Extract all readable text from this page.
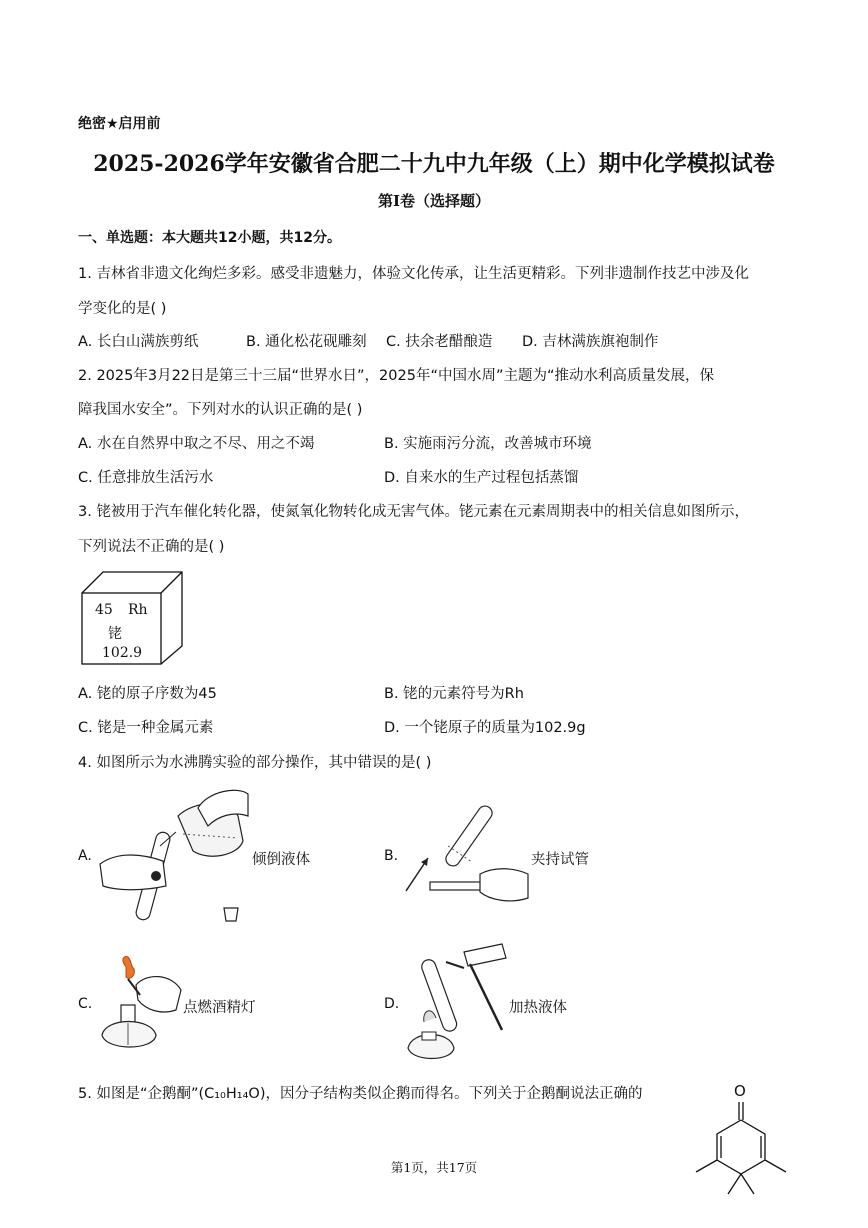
绝密★启用前
2025-2026学年安徽省合肥二十九中九年级（上）期中化学模拟试卷
第Ⅰ卷（选择题）
一、单选题：本大题共12小题，共12分。
1. 吉林省非遗文化绚烂多彩。感受非遗魅力，体验文化传承，让生活更精彩。下列非遗制作技艺中涉及化
学变化的是( )
A. 长白山满族剪纸	B. 通化松花砚雕刻 C. 扶余老醋酿造 D. 吉林满族旗袍制作
2. 2025年3月22日是第三十三届“世界水日”，2025年“中国水周”主题为“推动水利高质量发展，保
障我国水安全”。下列对水的认识正确的是( )
A. 水在自然界中取之不尽、用之不竭	B. 实施雨污分流，改善城市环境
C. 任意排放生活污水	D. 自来水的生产过程包括蒸馏
3. 铑被用于汽车催化转化器，使氮氧化物转化成无害气体。铑元素在元素周期表中的相关信息如图所示，
下列说法不正确的是( )
45 Rh
铑
102.9
A. 铑的原子序数为45	B. 铑的元素符号为Rh
C. 铑是一种金属元素	D. 一个铑原子的质量为102.9g
4. 如图所示为水沸腾实验的部分操作，其中错误的是( )
A.	倾倒液体	B.	夹持试管
C.	点燃酒精灯	D.	加热液体
5. 如图是“企鹅酮”(C₁₀H₁₄O)，因分子结构类似企鹅而得名。下列关于企鹅酮说法正确的	O
第1页，共17页
